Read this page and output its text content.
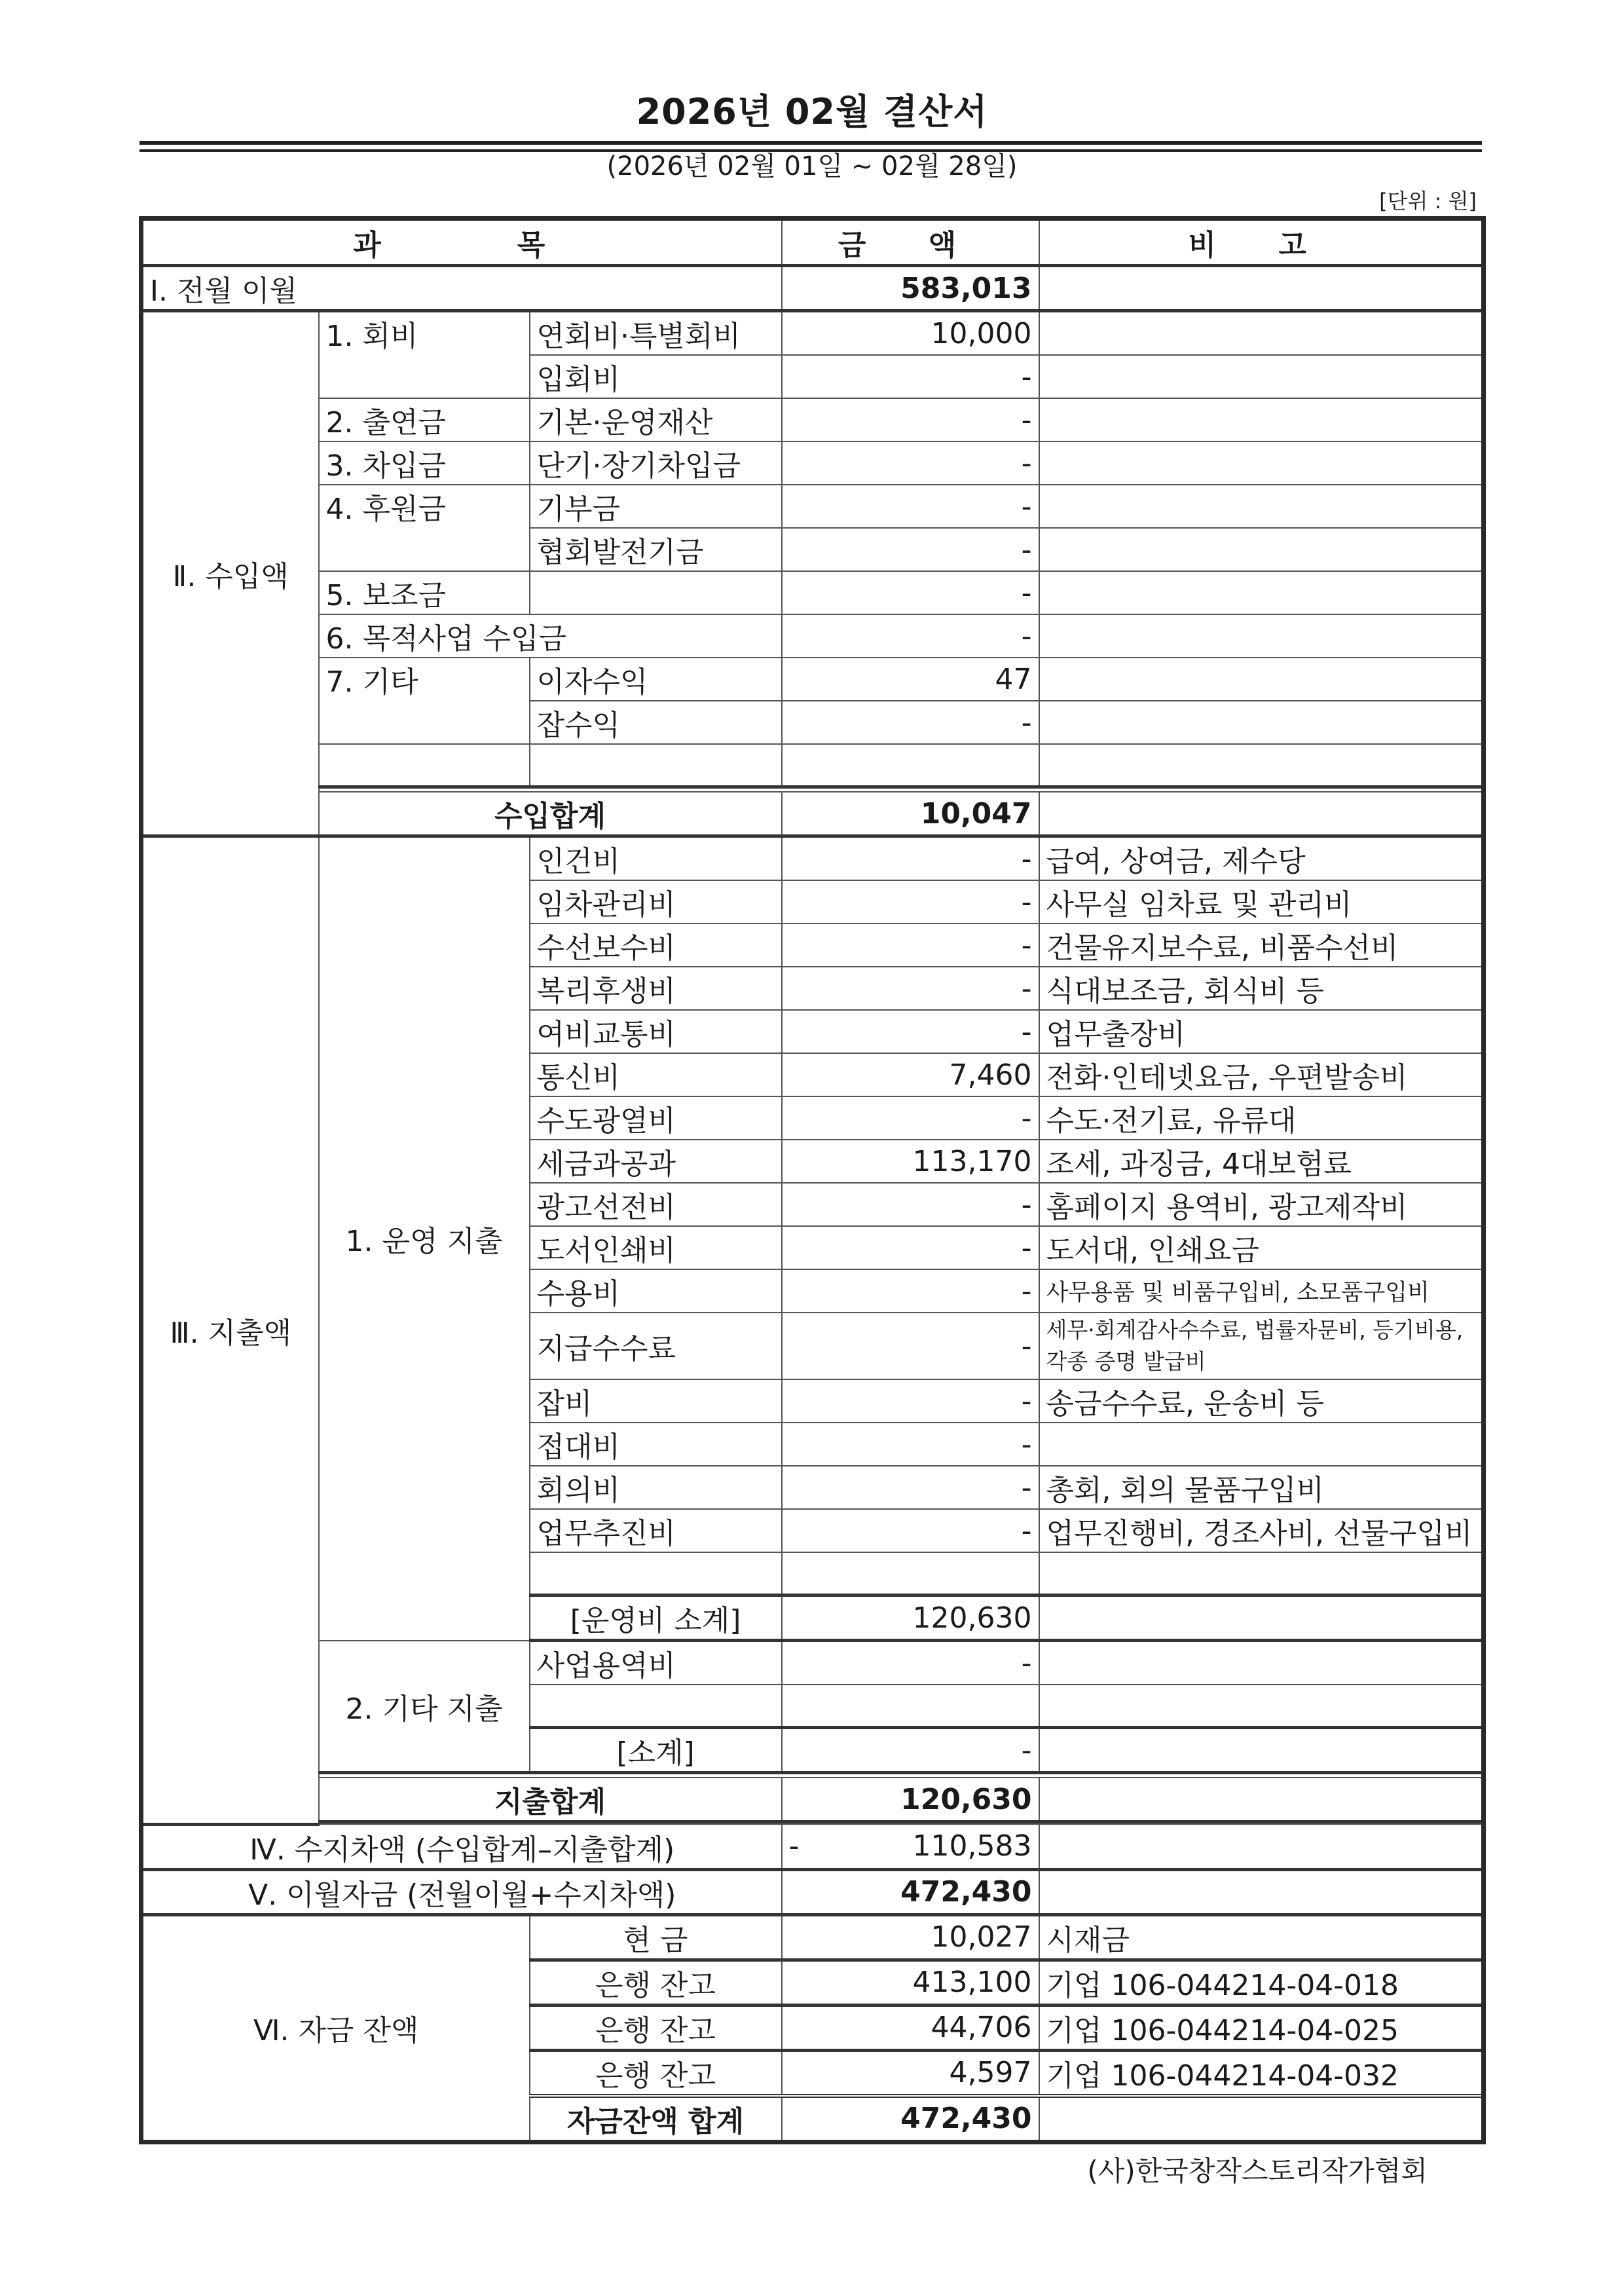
2026년 02월 결산서
(2026년 02월 01일 ~ 02월 28일)
[단위 : 원]
과　　목			금 액	비 고
Ⅰ. 전월 이월			583,013	
Ⅱ. 수입액	1. 회비	연회비·특별회비	10,000	
		입회비	-	
	2. 출연금	기본·운영재산	-	
	3. 차입금	단기·장기차입금	-	
	4. 후원금	기부금	-	
		협회발전기금	-	
	5. 보조금		-	
	6. 목적사업 수입금		-	
	7. 기타	이자수익	47	
		잡수익	-	

	수입합계		10,047	
Ⅲ. 지출액	1. 운영 지출	인건비	-	급여, 상여금, 제수당
		임차관리비	-	사무실 임차료 및 관리비
		수선보수비	-	건물유지보수료, 비품수선비
		복리후생비	-	식대보조금, 회식비 등
		여비교통비	-	업무출장비
		통신비	7,460	전화·인테넷요금, 우편발송비
		수도광열비	-	수도·전기료, 유류대
		세금과공과	113,170	조세, 과징금, 4대보험료
		광고선전비	-	홈페이지 용역비, 광고제작비
		도서인쇄비	-	도서대, 인쇄요금
		수용비	-	사무용품 및 비품구입비, 소모품구입비
		지급수수료	-	세무·회계감사수수료, 법률자문비, 등기비용, 각종 증명 발급비
		잡비	-	송금수수료, 운송비 등
		접대비	-	
		회의비	-	총회, 회의 물품구입비
		업무추진비	-	업무진행비, 경조사비, 선물구입비

		[운영비 소계]	120,630	
	2. 기타 지출	사업용역비	-	

		[소계]	-	

	지출합계		120,630	

Ⅳ. 수지차액 (수입합계–지출합계)			- 110,583	
Ⅴ. 이월자금 (전월이월+수지차액)			472,430	
Ⅵ. 자금 잔액		현 금	10,027	시재금
		은행 잔고	413,100	기업 106-044214-04-018
		은행 잔고	44,706	기업 106-044214-04-025
		은행 잔고	4,597	기업 106-044214-04-032
		자금잔액 합계	472,430	
(사)한국창작스토리작가협회
